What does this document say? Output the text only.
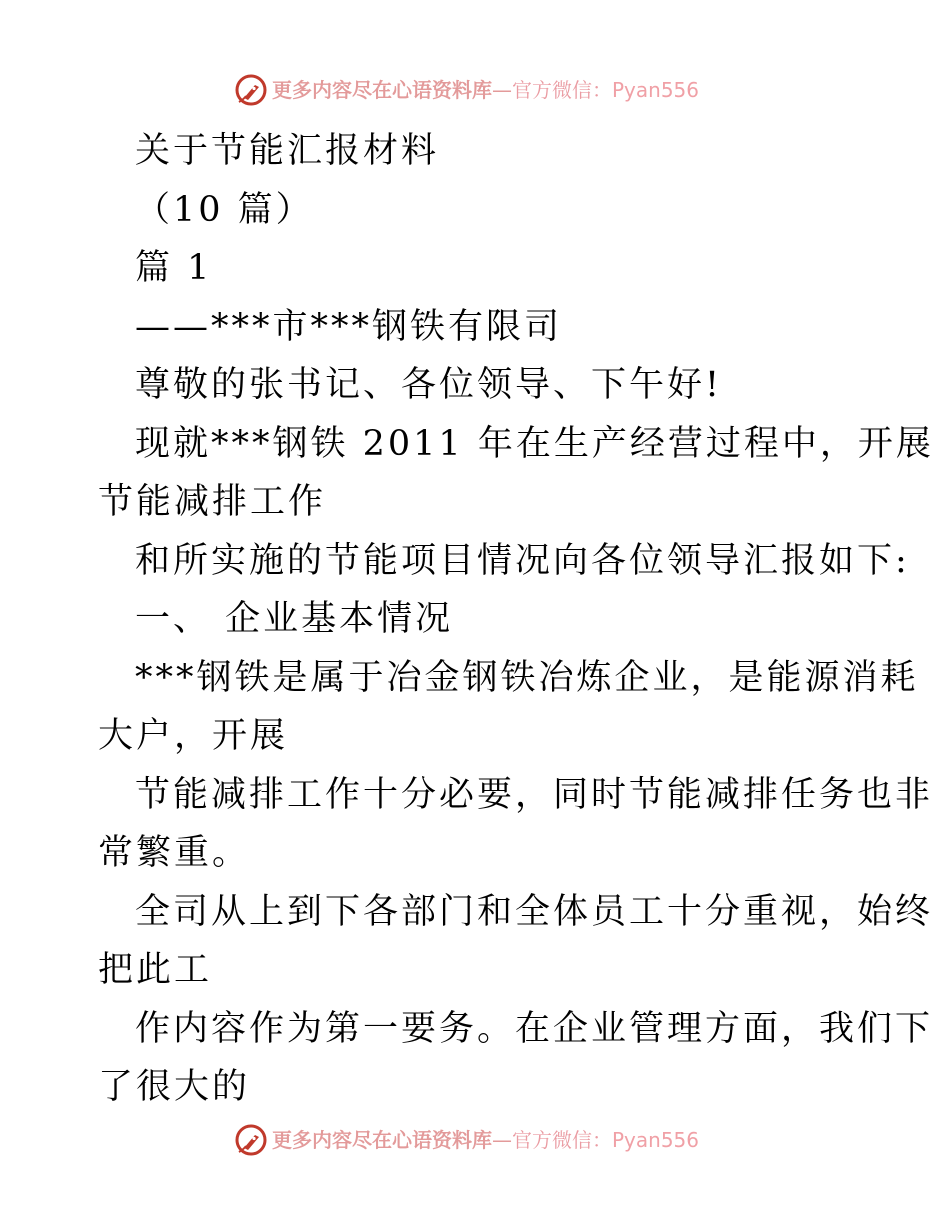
更多内容尽在心语资料库 — 官方微信： Pyan556

关于节能汇报材料

（10 篇）

篇 1

——***市***钢铁有限司

尊敬的张书记、各位领导、下午好!

现就***钢铁 2011 年在生产经营过程中，开展

节能减排工作

和所实施的节能项目情况向各位领导汇报如下:

一、 企业基本情况

***钢铁是属于冶金钢铁冶炼企业，是能源消耗

大户，开展

节能减排工作十分必要，同时节能减排任务也非

常繁重。

全司从上到下各部门和全体员工十分重视，始终

把此工

作内容作为第一要务。在企业管理方面，我们下

了很大的

更多内容尽在心语资料库 — 官方微信： Pyan556
